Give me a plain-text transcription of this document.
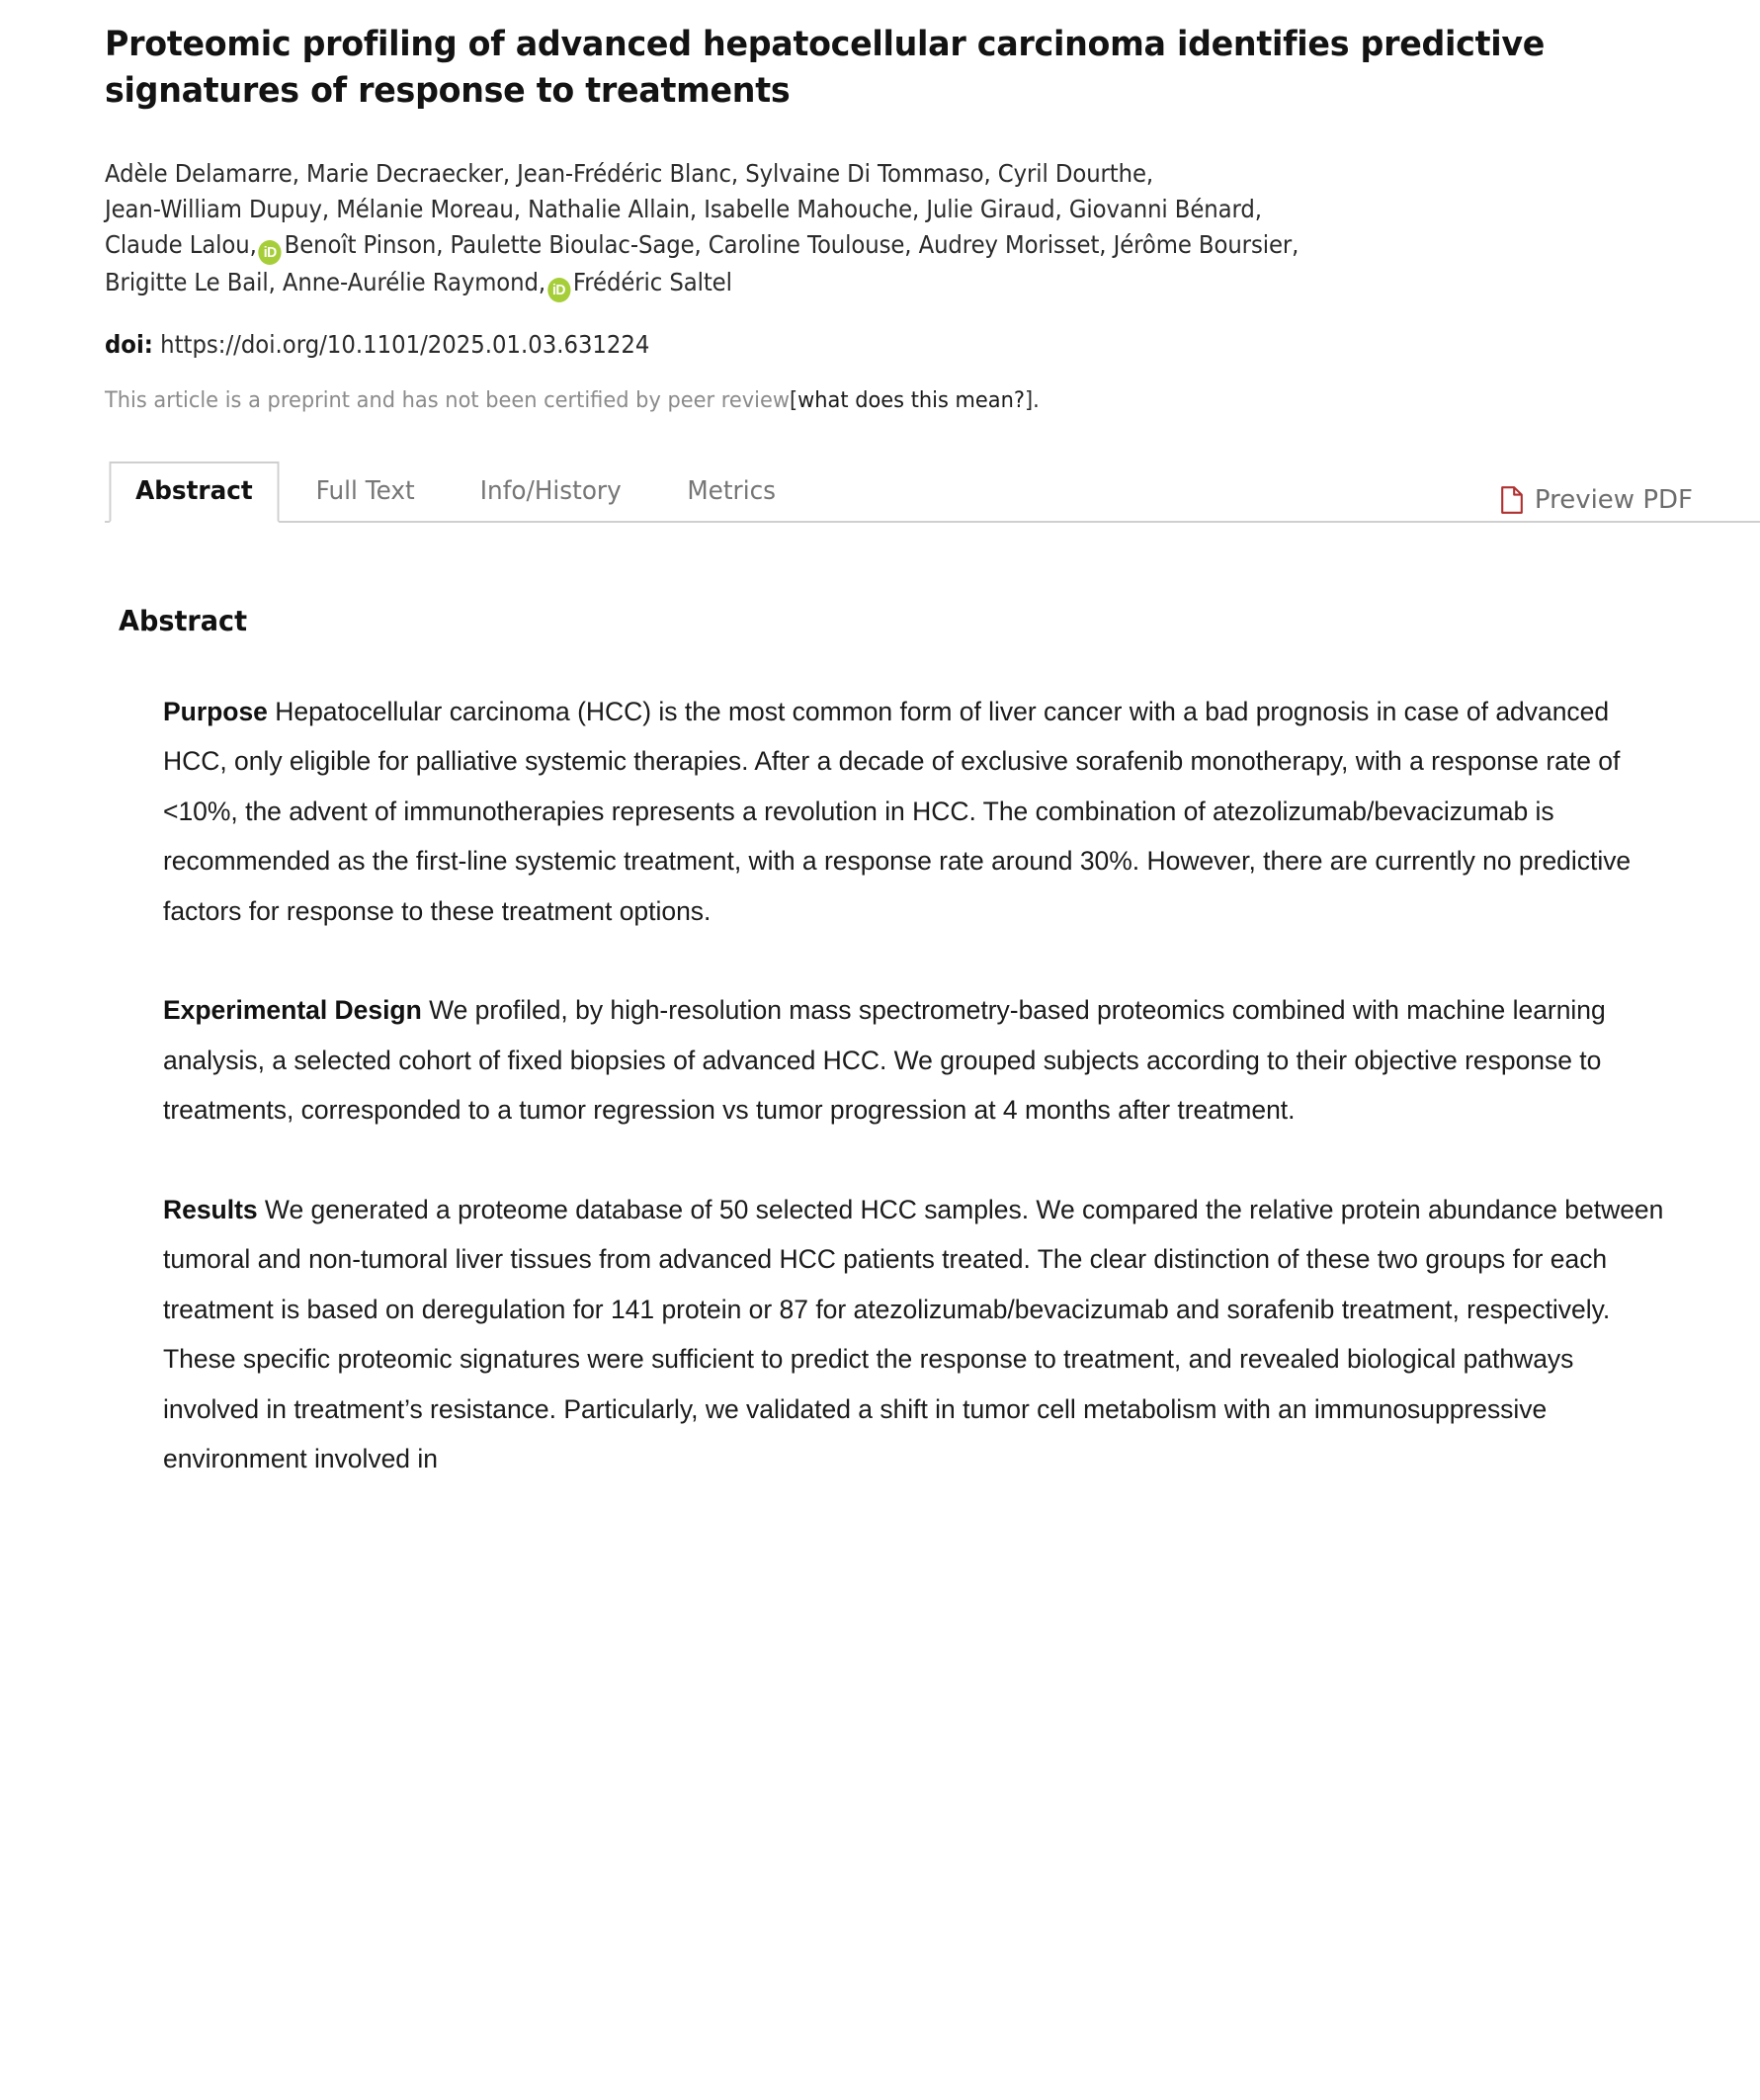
Proteomic profiling of advanced hepatocellular carcinoma identifies predictive signatures of response to treatments
Adèle Delamarre, Marie Decraecker, Jean-Frédéric Blanc, Sylvaine Di Tommaso, Cyril Dourthe,
Jean-William Dupuy, Mélanie Moreau, Nathalie Allain, Isabelle Mahouche, Julie Giraud, Giovanni Bénard,
Claude Lalou, iD Benoît Pinson, Paulette Bioulac-Sage, Caroline Toulouse, Audrey Morisset, Jérôme Boursier,
Brigitte Le Bail, Anne-Aurélie Raymond, iD Frédéric Saltel
doi: https://doi.org/10.1101/2025.01.03.631224
This article is a preprint and has not been certified by peer review[what does this mean?].
Abstract	Full Text	Info/History	Metrics	Preview PDF
Abstract

Purpose Hepatocellular carcinoma (HCC) is the most common form of liver cancer with a bad prognosis in case of advanced HCC, only eligible for palliative systemic therapies. After a decade of exclusive sorafenib monotherapy, with a response rate of <10%, the advent of immunotherapies represents a revolution in HCC. The combination of atezolizumab/bevacizumab is recommended as the first-line systemic treatment, with a response rate around 30%. However, there are currently no predictive factors for response to these treatment options.

Experimental Design We profiled, by high-resolution mass spectrometry-based proteomics combined with machine learning analysis, a selected cohort of fixed biopsies of advanced HCC. We grouped subjects according to their objective response to treatments, corresponded to a tumor regression vs tumor progression at 4 months after treatment.

Results We generated a proteome database of 50 selected HCC samples. We compared the relative protein abundance between tumoral and non-tumoral liver tissues from advanced HCC patients treated. The clear distinction of these two groups for each treatment is based on deregulation for 141 protein or 87 for atezolizumab/bevacizumab and sorafenib treatment, respectively. These specific proteomic signatures were sufficient to predict the response to treatment, and revealed biological pathways involved in treatment’s resistance. Particularly, we validated a shift in tumor cell metabolism with an immunosuppressive environment involved in
